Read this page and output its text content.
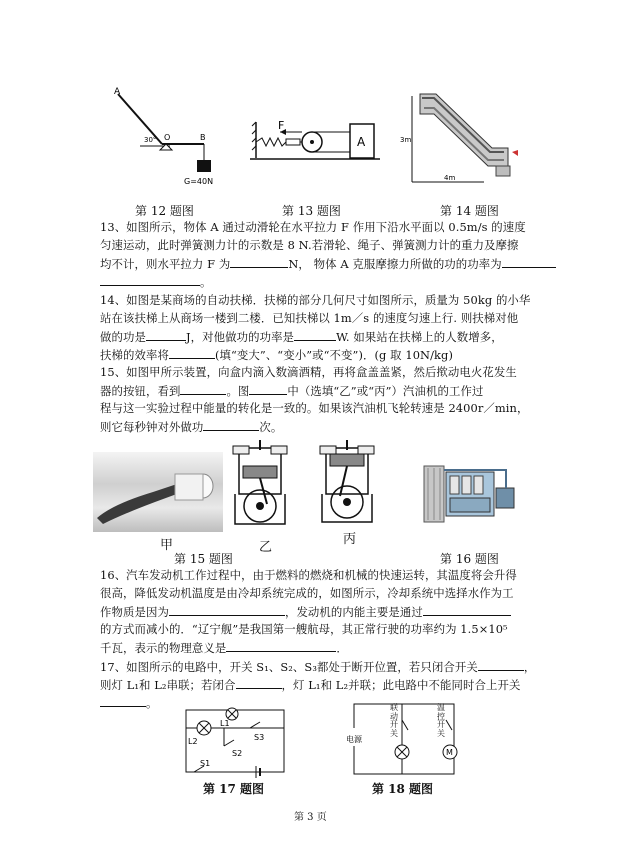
A
O	B
30°
G=40N
F
A	3m
4m
第 12 题图	第 13 题图	第 14 题图
13、如图所示，物体 A 通过动滑轮在水平拉力 F 作用下沿水平面以 0.5m/s 的速度
匀速运动，此时弹簧测力计的示数是 8 N.若滑轮、绳子、弹簧测力计的重力及摩擦
均不计，则水平拉力 F 为	N， 物体 A 克服摩擦力所做的功的功率为
。
14、如图是某商场的自动扶梯．扶梯的部分几何尺寸如图所示，质量为 50kg 的小华
站在该扶梯上从商场一楼到二楼．已知扶梯以 1m／s 的速度匀速上行. 则扶梯对他
做的功是	J，对他做功的功率是	W. 如果站在扶梯上的人数增多，
扶梯的效率将	(填“变大”、“变小”或“不变”)．(g 取 10N/kg)
15、如图甲所示装置，向盒内滴入数滴酒精，再将盒盖盖紧，然后揿动电火花发生
器的按钮，看到	。图	中（选填“乙”或“丙”）汽油机的工作过
程与这一实验过程中能量的转化是一致的。如果该汽油机飞轮转速是 2400r／min，
则它每秒钟对外做功	次。
甲	乙
丙
第 15 题图	第 16 题图
16、汽车发动机工作过程中，由于燃料的燃烧和机械的快速运转，其温度将会升得
很高，降低发动机温度是由冷却系统完成的，如图所示，冷却系统中选择水作为工
作物质是因为	，发动机的内能主要是通过
的方式而减小的．“辽宁舰”是我国第一艘航母，其正常行驶的功率约为 1.5×10⁵
千瓦，表示的物理意义是	．
17、如图所示的电路中，开关 S₁、S₂、S₃都处于断开位置，若只闭合开关	，
则灯 L₁和 L₂串联；若闭合	，灯 L₁和 L₂并联；此电路中不能同时合上开关
。
L1
L2	S3
S2
S1
电源
M
联动开关
温控开关
第 17 题图	第 18 题图
第 3 页
